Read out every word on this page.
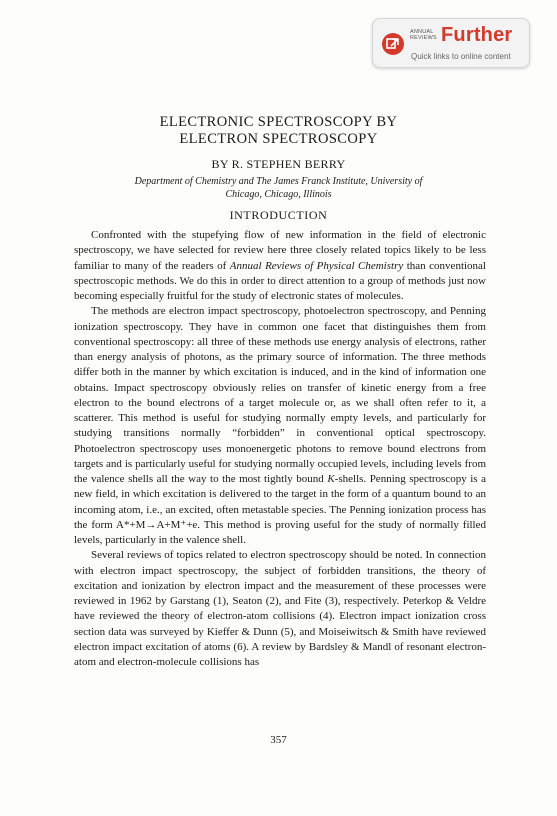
ANNUAL
REVIEWS Further
Quick links to online content
ELECTRONIC SPECTROSCOPY BY
ELECTRON SPECTROSCOPY
BY R. STEPHEN BERRY
Department of Chemistry and The James Franck Institute, University of
Chicago, Chicago, Illinois
INTRODUCTION

Confronted with the stupefying flow of new information in the field of electronic spectroscopy, we have selected for review here three closely related topics likely to be less familiar to many of the readers of Annual Reviews of Physical Chemistry than conventional spectroscopic methods. We do this in order to direct attention to a group of methods just now becoming especially fruitful for the study of electronic states of molecules.

The methods are electron impact spectroscopy, photoelectron spectroscopy, and Penning ionization spectroscopy. They have in common one facet that distinguishes them from conventional spectroscopy: all three of these methods use energy analysis of electrons, rather than energy analysis of photons, as the primary source of information. The three methods differ both in the manner by which excitation is induced, and in the kind of information one obtains. Impact spectroscopy obviously relies on transfer of kinetic energy from a free electron to the bound electrons of a target molecule or, as we shall often refer to it, a scatterer. This method is useful for studying normally empty levels, and particularly for studying transitions normally “forbidden” in conventional optical spectroscopy. Photoelectron spectroscopy uses monoenergetic photons to remove bound electrons from targets and is particularly useful for studying normally occupied levels, including levels from the valence shells all the way to the most tightly bound K-shells. Penning spectroscopy is a new field, in which excitation is delivered to the target in the form of a quantum bound to an incoming atom, i.e., an excited, often metastable species. The Penning ionization process has the form A*+M→A+M⁺+e. This method is proving useful for the study of normally filled levels, particularly in the valence shell.

Several reviews of topics related to electron spectroscopy should be noted. In connection with electron impact spectroscopy, the subject of forbidden transitions, the theory of excitation and ionization by electron impact and the measurement of these processes were reviewed in 1962 by Garstang (1), Seaton (2), and Fite (3), respectively. Peterkop & Veldre have reviewed the theory of electron-atom collisions (4). Electron impact ionization cross section data was surveyed by Kieffer & Dunn (5), and Moiseiwitsch & Smith have reviewed electron impact excitation of atoms (6). A review by Bardsley & Mandl of resonant electron-atom and electron-molecule collisions has

357
